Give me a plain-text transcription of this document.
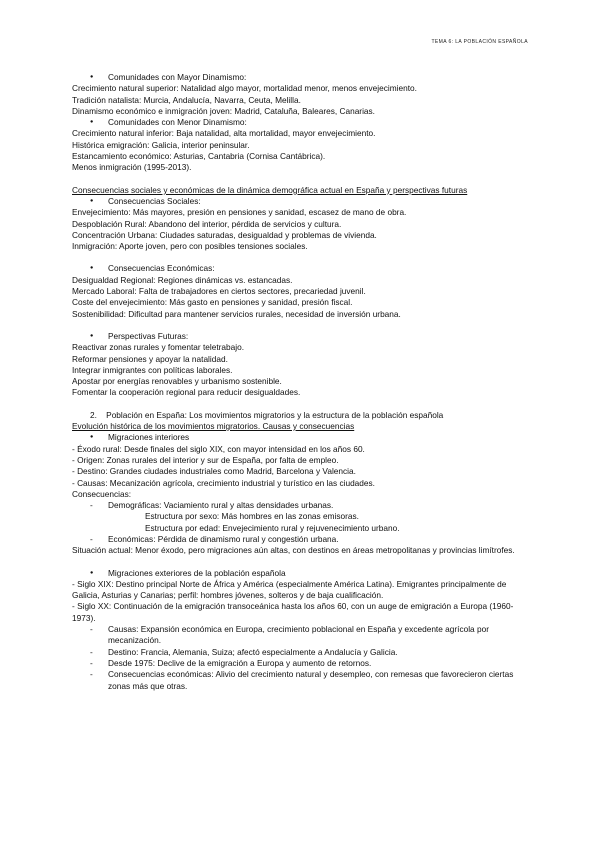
TEMA 6: LA POBLACIÓN ESPAÑOLA
● Comunidades con Mayor Dinamismo:
Crecimiento natural superior: Natalidad algo mayor, mortalidad menor, menos envejecimiento.
Tradición natalista: Murcia, Andalucía, Navarra, Ceuta, Melilla.
Dinamismo económico e inmigración joven: Madrid, Cataluña, Baleares, Canarias.
● Comunidades con Menor Dinamismo:
Crecimiento natural inferior: Baja natalidad, alta mortalidad, mayor envejecimiento.
Histórica emigración: Galicia, interior peninsular.
Estancamiento económico: Asturias, Cantabria (Cornisa Cantábrica).
Menos inmigración (1995-2013).
Consecuencias sociales y económicas de la dinámica demográfica actual en España y perspectivas futuras
● Consecuencias Sociales:
Envejecimiento: Más mayores, presión en pensiones y sanidad, escasez de mano de obra.
Despoblación Rural: Abandono del interior, pérdida de servicios y cultura.
Concentración Urbana: Ciudades saturadas, desigualdad y problemas de vivienda.
Inmigración: Aporte joven, pero con posibles tensiones sociales.
● Consecuencias Económicas:
Desigualdad Regional: Regiones dinámicas vs. estancadas.
Mercado Laboral: Falta de trabajadores en ciertos sectores, precariedad juvenil.
Coste del envejecimiento: Más gasto en pensiones y sanidad, presión fiscal.
Sostenibilidad: Dificultad para mantener servicios rurales, necesidad de inversión urbana.
● Perspectivas Futuras:
Reactivar zonas rurales y fomentar teletrabajo.
Reformar pensiones y apoyar la natalidad.
Integrar inmigrantes con políticas laborales.
Apostar por energías renovables y urbanismo sostenible.
Fomentar la cooperación regional para reducir desigualdades.
2. Población en España: Los movimientos migratorios y la estructura de la población española
Evolución histórica de los movimientos migratorios. Causas y consecuencias
● Migraciones interiores
- Éxodo rural: Desde finales del siglo XIX, con mayor intensidad en los años 60.
- Origen: Zonas rurales del interior y sur de España, por falta de empleo.
- Destino: Grandes ciudades industriales como Madrid, Barcelona y Valencia.
- Causas: Mecanización agrícola, crecimiento industrial y turístico en las ciudades.
Consecuencias:
- Demográficas: Vaciamiento rural y altas densidades urbanas.
Estructura por sexo: Más hombres en las zonas emisoras.
Estructura por edad: Envejecimiento rural y rejuvenecimiento urbano.
- Económicas: Pérdida de dinamismo rural y congestión urbana.
Situación actual: Menor éxodo, pero migraciones aún altas, con destinos en áreas metropolitanas y provincias limítrofes.
● Migraciones exteriores de la población española
- Siglo XIX: Destino principal Norte de África y América (especialmente América Latina). Emigrantes principalmente de Galicia, Asturias y Canarias; perfil: hombres jóvenes, solteros y de baja cualificación.
- Siglo XX: Continuación de la emigración transoceánica hasta los años 60, con un auge de emigración a Europa (1960-1973).
- Causas: Expansión económica en Europa, crecimiento poblacional en España y excedente agrícola por mecanización.
- Destino: Francia, Alemania, Suiza; afectó especialmente a Andalucía y Galicia.
- Desde 1975: Declive de la emigración a Europa y aumento de retornos.
- Consecuencias económicas: Alivio del crecimiento natural y desempleo, con remesas que favorecieron ciertas zonas más que otras.
